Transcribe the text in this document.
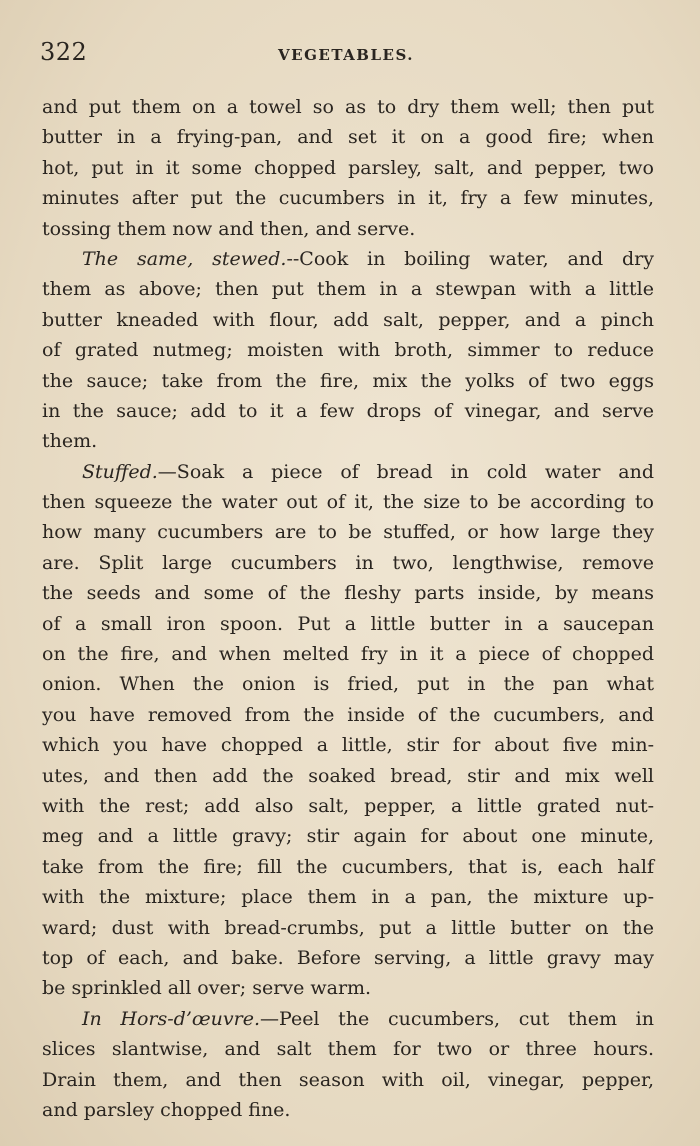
322	VEGETABLES.
and put them on a towel so as to dry them well; then put
butter in a frying-pan, and set it on a good fire; when
hot, put in it some chopped parsley, salt, and pepper, two
minutes after put the cucumbers in it, fry a few minutes,
tossing them now and then, and serve.
The same, stewed.--Cook in boiling water, and dry
them as above; then put them in a stewpan with a little
butter kneaded with flour, add salt, pepper, and a pinch
of grated nutmeg; moisten with broth, simmer to reduce
the sauce; take from the fire, mix the yolks of two eggs
in the sauce; add to it a few drops of vinegar, and serve
them.
Stuffed.—Soak a piece of bread in cold water and
then squeeze the water out of it, the size to be according to
how many cucumbers are to be stuffed, or how large they
are. Split large cucumbers in two, lengthwise, remove
the seeds and some of the fleshy parts inside, by means
of a small iron spoon. Put a little butter in a saucepan
on the fire, and when melted fry in it a piece of chopped
onion. When the onion is fried, put in the pan what
you have removed from the inside of the cucumbers, and
which you have chopped a little, stir for about five min-
utes, and then add the soaked bread, stir and mix well
with the rest; add also salt, pepper, a little grated nut-
meg and a little gravy; stir again for about one minute,
take from the fire; fill the cucumbers, that is, each half
with the mixture; place them in a pan, the mixture up-
ward; dust with bread-crumbs, put a little butter on the
top of each, and bake. Before serving, a little gravy may
be sprinkled all over; serve warm.
In Hors-d’œuvre.—Peel the cucumbers, cut them in
slices slantwise, and salt them for two or three hours.
Drain them, and then season with oil, vinegar, pepper,
and parsley chopped fine.
